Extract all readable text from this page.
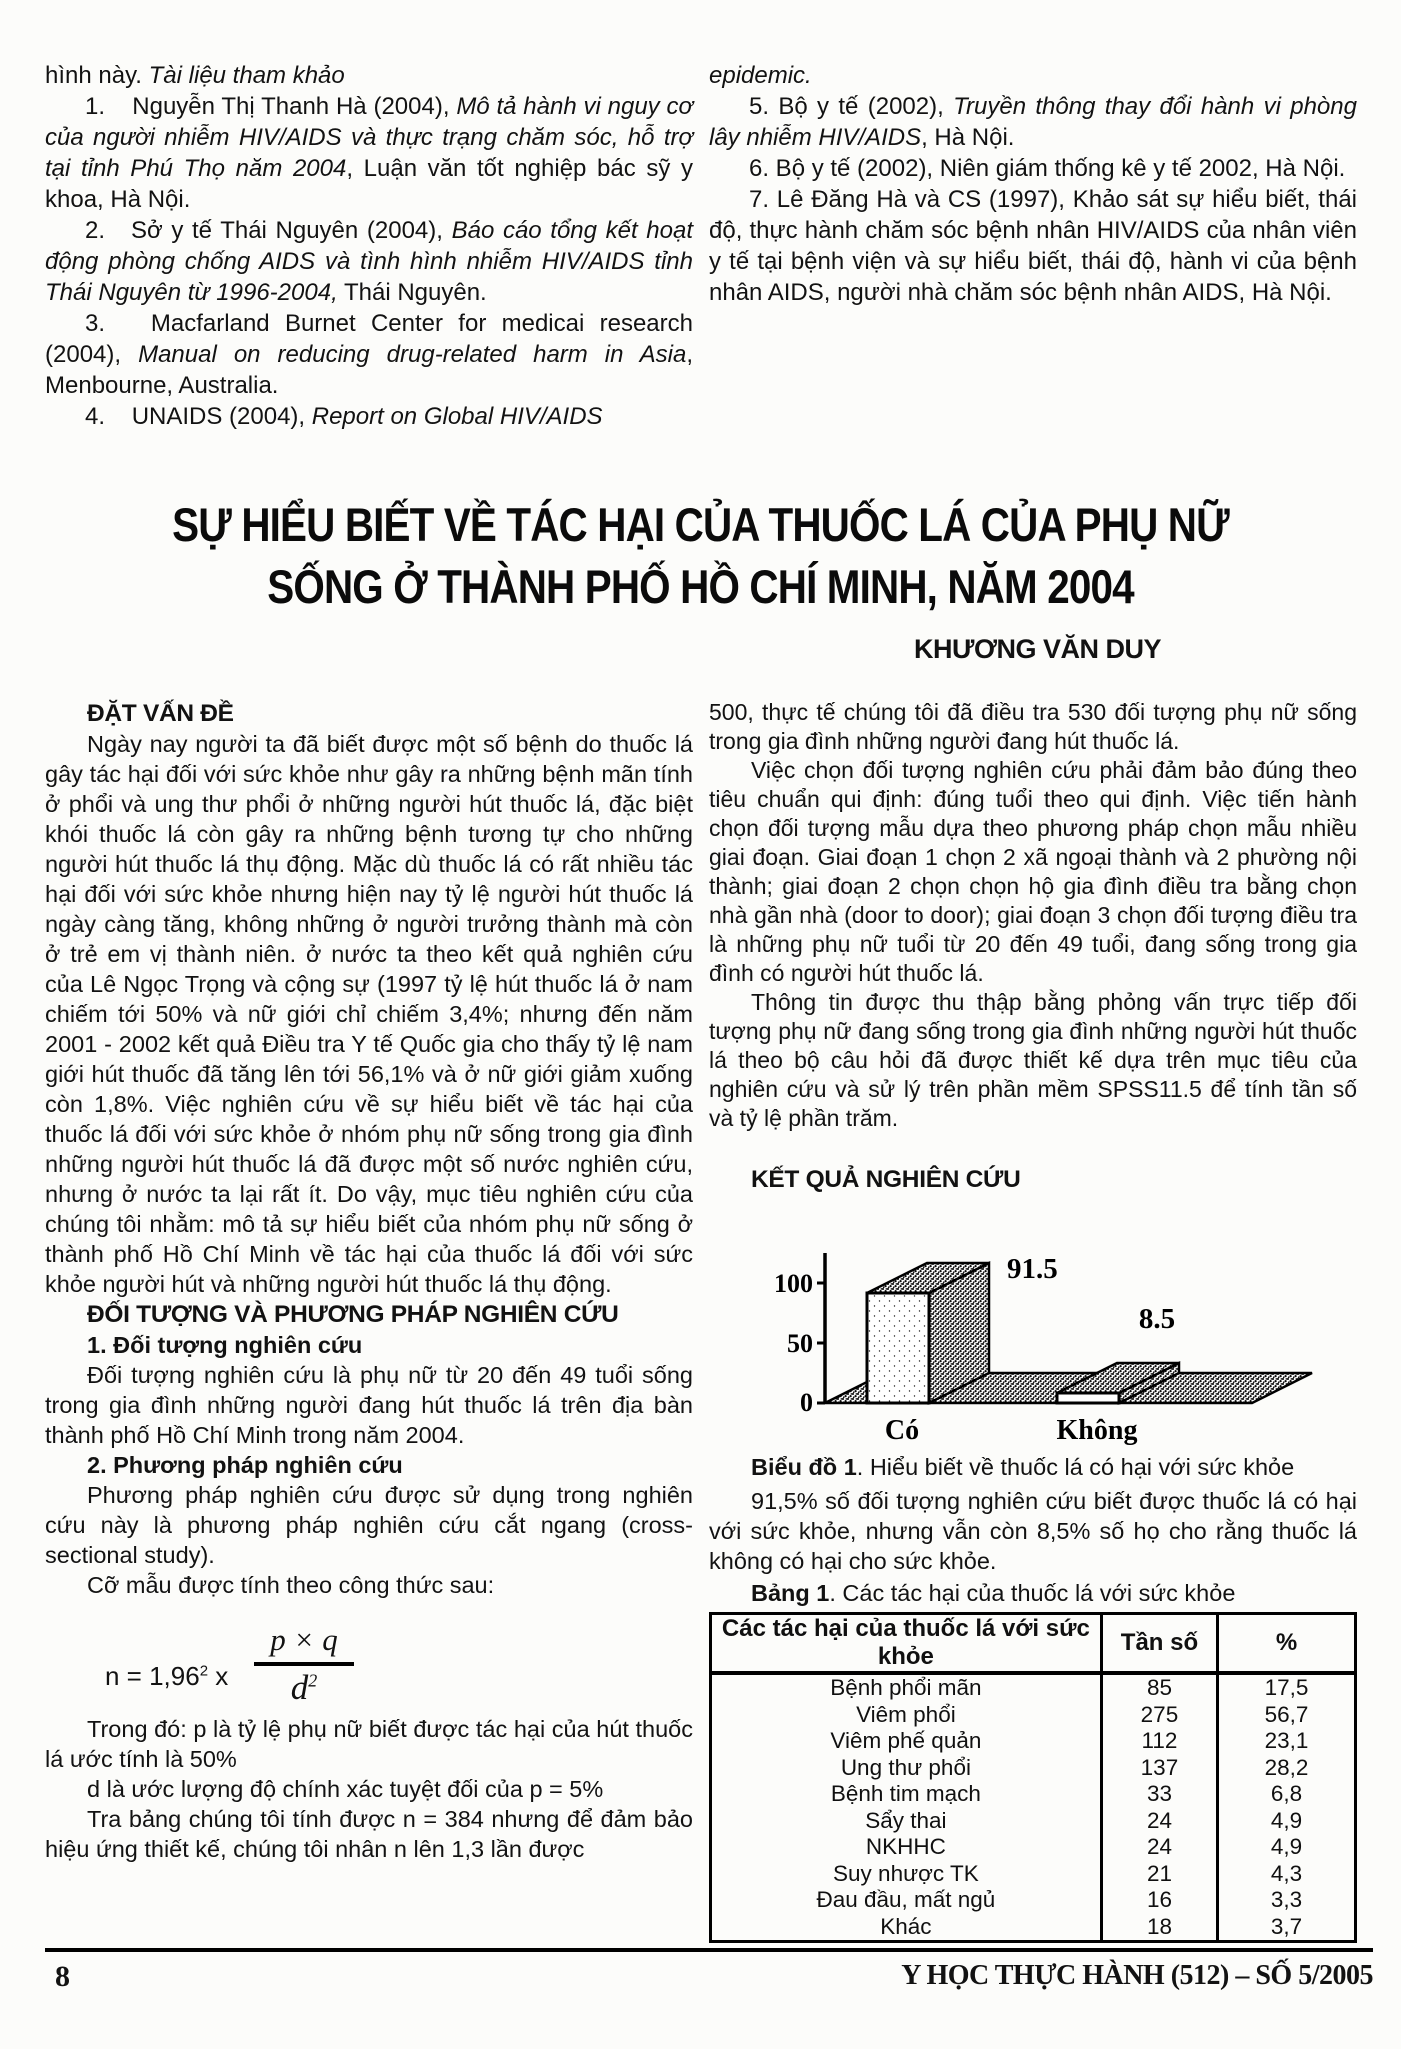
hình này. Tài liệu tham khảo

1.    Nguyễn Thị Thanh Hà (2004), Mô tả hành vi nguy cơ của người nhiễm HIV/AIDS và thực trạng chăm sóc, hỗ trợ tại tỉnh Phú Thọ năm 2004, Luận văn tốt nghiệp bác sỹ y khoa, Hà Nội.

2.   Sở y tế Thái Nguyên (2004), Báo cáo tổng kết hoạt động phòng chống AIDS và tình hình nhiễm HIV/AIDS tỉnh Thái Nguyên từ 1996-2004, Thái Nguyên.

3.   Macfarland Burnet Center for medicai research (2004), Manual on reducing drug-related harm in Asia, Menbourne, Australia.

4.    UNAIDS (2004), Report on Global HIV/AIDS

epidemic.

5. Bộ y tế (2002), Truyền thông thay đổi hành vi phòng lây nhiễm HIV/AIDS, Hà Nội.

6. Bộ y tế (2002), Niên giám thống kê y tế 2002, Hà Nội.

7. Lê Đăng Hà và CS (1997), Khảo sát sự hiểu biết, thái độ, thực hành chăm sóc bệnh nhân HIV/AIDS của nhân viên y tế tại bệnh viện và sự hiểu biết, thái độ, hành vi của bệnh nhân AIDS, người nhà chăm sóc bệnh nhân AIDS, Hà Nội.

SỰ HIỂU BIẾT VỀ TÁC HẠI CỦA THUỐC LÁ CỦA PHỤ NỮ
SỐNG Ở THÀNH PHỐ HỒ CHÍ MINH, NĂM 2004
KHƯƠNG VĂN DUY
ĐẶT VẤN ĐỀ

Ngày nay người ta đã biết được một số bệnh do thuốc lá gây tác hại đối với sức khỏe như gây ra những bệnh mãn tính ở phổi và ung thư phổi ở những người hút thuốc lá, đặc biệt khói thuốc lá còn gây ra những bệnh tương tự cho những người hút thuốc lá thụ động. Mặc dù thuốc lá có rất nhiều tác hại đối với sức khỏe nhưng hiện nay tỷ lệ người hút thuốc lá ngày càng tăng, không những ở người trưởng thành mà còn ở trẻ em vị thành niên. ở nước ta theo kết quả nghiên cứu của Lê Ngọc Trọng và cộng sự (1997 tỷ lệ hút thuốc lá ở nam chiếm tới 50% và nữ giới chỉ chiếm 3,4%; nhưng đến năm 2001 - 2002 kết quả Điều tra Y tế Quốc gia cho thấy tỷ lệ nam giới hút thuốc đã tăng lên tới 56,1% và ở nữ giới giảm xuống còn 1,8%. Việc nghiên cứu về sự hiểu biết về tác hại của thuốc lá đối với sức khỏe ở nhóm phụ nữ sống trong gia đình những người hút thuốc lá đã được một số nước nghiên cứu, nhưng ở nước ta lại rất ít. Do vậy, mục tiêu nghiên cứu của chúng tôi nhằm: mô tả sự hiểu biết của nhóm phụ nữ sống ở thành phố Hồ Chí Minh về tác hại của thuốc lá đối với sức khỏe người hút và những người hút thuốc lá thụ động.

ĐỐI TƯỢNG VÀ PHƯƠNG PHÁP NGHIÊN CỨU
1. Đối tượng nghiên cứu

Đối tượng nghiên cứu là phụ nữ từ 20 đến 49 tuổi sống trong gia đình những người đang hút thuốc lá trên địa bàn thành phố Hồ Chí Minh trong năm 2004.

2. Phương pháp nghiên cứu

Phương pháp nghiên cứu được sử dụng trong nghiên cứu này là phương pháp nghiên cứu cắt ngang (cross-sectional study).

Cỡ mẫu được tính theo công thức sau:

$n = 1,96^2$ x $\frac{p \times q}{d^2}$

Trong đó: p là tỷ lệ phụ nữ biết được tác hại của hút thuốc lá ước tính là 50%

d là ước lượng độ chính xác tuyệt đối của p = 5%

Tra bảng chúng tôi tính được n = 384 nhưng để đảm bảo hiệu ứng thiết kế, chúng tôi nhân n lên 1,3 lần được

500, thực tế chúng tôi đã điều tra 530 đối tượng phụ nữ sống trong gia đình những người đang hút thuốc lá.

Việc chọn đối tượng nghiên cứu phải đảm bảo đúng theo tiêu chuẩn qui định: đúng tuổi theo qui định. Việc tiến hành chọn đối tượng mẫu dựa theo phương pháp chọn mẫu nhiều giai đoạn. Giai đoạn 1 chọn 2 xã ngoại thành và 2 phường nội thành; giai đoạn 2 chọn chọn hộ gia đình điều tra bằng chọn nhà gần nhà (door to door); giai đoạn 3 chọn đối tượng điều tra là những phụ nữ tuổi từ 20 đến 49 tuổi, đang sống trong gia đình có người hút thuốc lá.

Thông tin được thu thập bằng phỏng vấn trực tiếp đối tượng phụ nữ đang sống trong gia đình những người hút thuốc lá theo bộ câu hỏi đã được thiết kế dựa trên mục tiêu của nghiên cứu và sử lý trên phần mềm SPSS11.5 để tính tần số và tỷ lệ phần trăm.

KẾT QUẢ NGHIÊN CỨU
100
50
0
91.5
8.5
Có	Không
Biểu đồ 1. Hiểu biết về thuốc lá có hại với sức khỏe

91,5% số đối tượng nghiên cứu biết được thuốc lá có hại với sức khỏe, nhưng vẫn còn 8,5% số họ cho rằng thuốc lá không có hại cho sức khỏe.

Bảng 1. Các tác hại của thuốc lá với sức khỏe
Các tác hại của thuốc lá với sức khỏe	Tần số	%
Bệnh phổi mãn	85	17,5
Viêm phổi	275	56,7
Viêm phế quản	112	23,1
Ung thư phổi	137	28,2
Bệnh tim mạch	33	6,8
Sẩy thai	24	4,9
NKHHC	24	4,9
Suy nhược TK	21	4,3
Đau đầu, mất ngủ	16	3,3
Khác	18	3,7
8	Y HỌC THỰC HÀNH (512) – SỐ 5/2005
